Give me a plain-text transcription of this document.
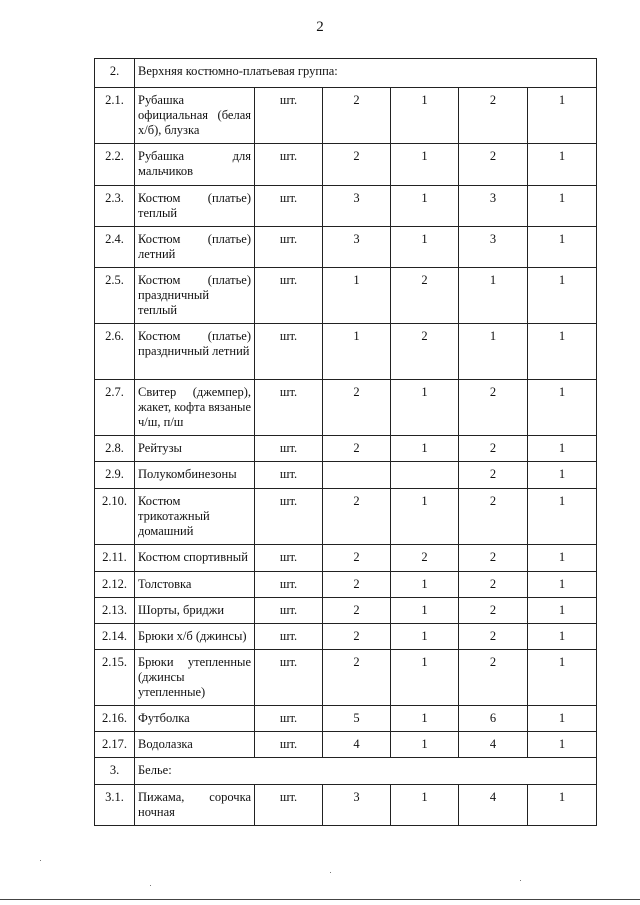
2
2.	Верхняя костюмно-платьевая группа:					
2.1.	Рубашка официальная (белая х/б), блузка	шт.	2	1	2	1
2.2.	Рубашка для мальчиков	шт.	2	1	2	1
2.3.	Костюм (платье) теплый	шт.	3	1	3	1
2.4.	Костюм (платье) летний	шт.	3	1	3	1
2.5.	Костюм (платье) праздничный теплый	шт.	1	2	1	1
2.6.	Костюм (платье) праздничный летний	шт.	1	2	1	1
2.7.	Свитер (джемпер), жакет, кофта вязаные ч/ш, п/ш	шт.	2	1	2	1
2.8.	Рейтузы	шт.	2	1	2	1
2.9.	Полукомбинезоны	шт.			2	1
2.10.	Костюм трикотажный домашний	шт.	2	1	2	1
2.11.	Костюм спортивный	шт.	2	2	2	1
2.12.	Толстовка	шт.	2	1	2	1
2.13.	Шорты, бриджи	шт.	2	1	2	1
2.14.	Брюки х/б (джинсы)	шт.	2	1	2	1
2.15.	Брюки утепленные (джинсы утепленные)	шт.	2	1	2	1
2.16.	Футболка	шт.	5	1	6	1
2.17.	Водолазка	шт.	4	1	4	1
3.	Белье:					
3.1.	Пижама, сорочка ночная	шт.	3	1	4	1
